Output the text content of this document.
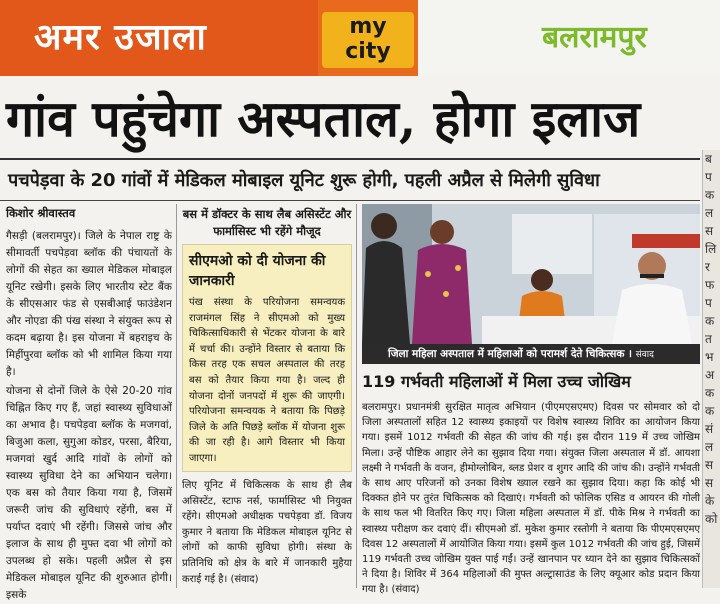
अमर उजाला	my
city	बलरामपुर
गांव पहुंचेगा अस्पताल, होगा इलाज
पचपेड़वा के 20 गांवों में मेडिकल मोबाइल यूनिट शुरू होगी, पहली अप्रैल से मिलेगी सुविधा
किशोर श्रीवास्तव

गैसड़ी (बलरामपुर)। जिले के नेपाल राष्ट्र के सीमावर्ती पचपेड़वा ब्लॉक की पंचायतों के लोगों की सेहत का ख्याल मेडिकल मोबाइल यूनिट रखेगी। इसके लिए भारतीय स्टेट बैंक के सीएसआर फंड से एसबीआई फाउंडेशन और नोएडा की पंख संस्था ने संयुक्त रूप से कदम बढ़ाया है। इस योजना में बहराइच के मिहींपुरवा ब्लॉक को भी शामिल किया गया है।

योजना से दोनों जिले के ऐसे 20-20 गांव चिह्नित किए गए हैं, जहां स्वास्थ्य सुविधाओं का अभाव है। पचपेड़वा ब्लॉक के मजगवां, बिजुआ कला, सुगुआ कोडर, परसा, बैरिया, मजगवां खुर्द आदि गांवों के लोगों को स्वास्थ्य सुविधा देने का अभियान चलेगा। एक बस को तैयार किया गया है, जिसमें जरूरी जांच की सुविधाएं रहेंगी, बस में पर्याप्त दवाएं भी रहेंगी। जिससे जांच और इलाज के साथ ही मुफ्त दवा भी लोगों को उपलब्ध हो सके। पहली अप्रैल से इस मेडिकल मोबाइल यूनिट की शुरुआत होगी। इसके

बस में डॉक्टर के साथ लैब असिस्टेंट और फार्मासिस्ट भी रहेंगे मौजूद
सीएमओ को दी योजना की जानकारी
पंख संस्था के परियोजना समन्वयक राजमंगल सिंह ने सीएमओ को मुख्य चिकित्साधिकारी से भेंटकर योजना के बारे में चर्चा की। उन्होंने विस्तार से बताया कि किस तरह एक सचल अस्पताल की तरह बस को तैयार किया गया है। जल्द ही योजना दोनों जनपदों में शुरू की जाएगी। परियोजना समन्वयक ने बताया कि पिछड़े जिले के अति पिछड़े ब्लॉक में योजना शुरू की जा रही है। आगे विस्तार भी किया जाएगा।
लिए यूनिट में चिकित्सक के साथ ही लैब असिस्टेंट, स्टाफ नर्स, फार्मासिस्ट भी नियुक्त रहेंगे। सीएमओ अधीक्षक पचपेड़वा डॉ. विजय कुमार ने बताया कि मेडिकल मोबाइल यूनिट से लोगों को काफी सुविधा होगी। संस्था के प्रतिनिधि को क्षेत्र के बारे में जानकारी मुहैया कराई गई है। (संवाद)
जिला महिला अस्पताल में महिलाओं को परामर्श देते चिकित्सक । संवाद
119 गर्भवती महिलाओं में मिला उच्च जोखिम
बलरामपुर। प्रधानमंत्री सुरक्षित मातृत्व अभियान (पीएमएसएमए) दिवस पर सोमवार को दो जिला अस्पतालों सहित 12 स्वास्थ्य इकाइयों पर विशेष स्वास्थ्य शिविर का आयोजन किया गया। इसमें 1012 गर्भवती की सेहत की जांच की गई। इस दौरान 119 में उच्च जोखिम मिला। उन्हें पौष्टिक आहार लेने का सुझाव दिया गया। संयुक्त जिला अस्पताल में डॉ. आयशा लक्ष्मी ने गर्भवती के वजन, हीमोग्लोबिन, ब्लड प्रेशर व शुगर आदि की जांच की। उन्होंने गर्भवती के साथ आए परिजनों को उनका विशेष ख्याल रखने का सुझाव दिया। कहा कि कोई भी दिक्कत होने पर तुरंत चिकित्सक को दिखाएं। गर्भवती को फोलिक एसिड व आयरन की गोली के साथ फल भी वितरित किए गए। जिला महिला अस्पताल में डॉ. पीके मिश्र ने गर्भवती का स्वास्थ्य परीक्षण कर दवाएं दीं। सीएमओ डॉ. मुकेश कुमार रस्तोगी ने बताया कि पीएमएसएमए दिवस 12 अस्पतालों में आयोजित किया गया। इसमें कुल 1012 गर्भवती की जांच हुई, जिसमें 119 गर्भवती उच्च जोखिम युक्त पाई गईं। उन्हें खानपान पर ध्यान देने का सुझाव चिकित्सकों ने दिया है। शिविर में 364 महिलाओं की मुफ्त अल्ट्रासाउंड के लिए क्यूआर कोड प्रदान किया गया है। (संवाद)
ब
प
क
ल
स
लि
र
फ
प
क
त
भ
अ
क
क
सं
ल
स
स
के
को
